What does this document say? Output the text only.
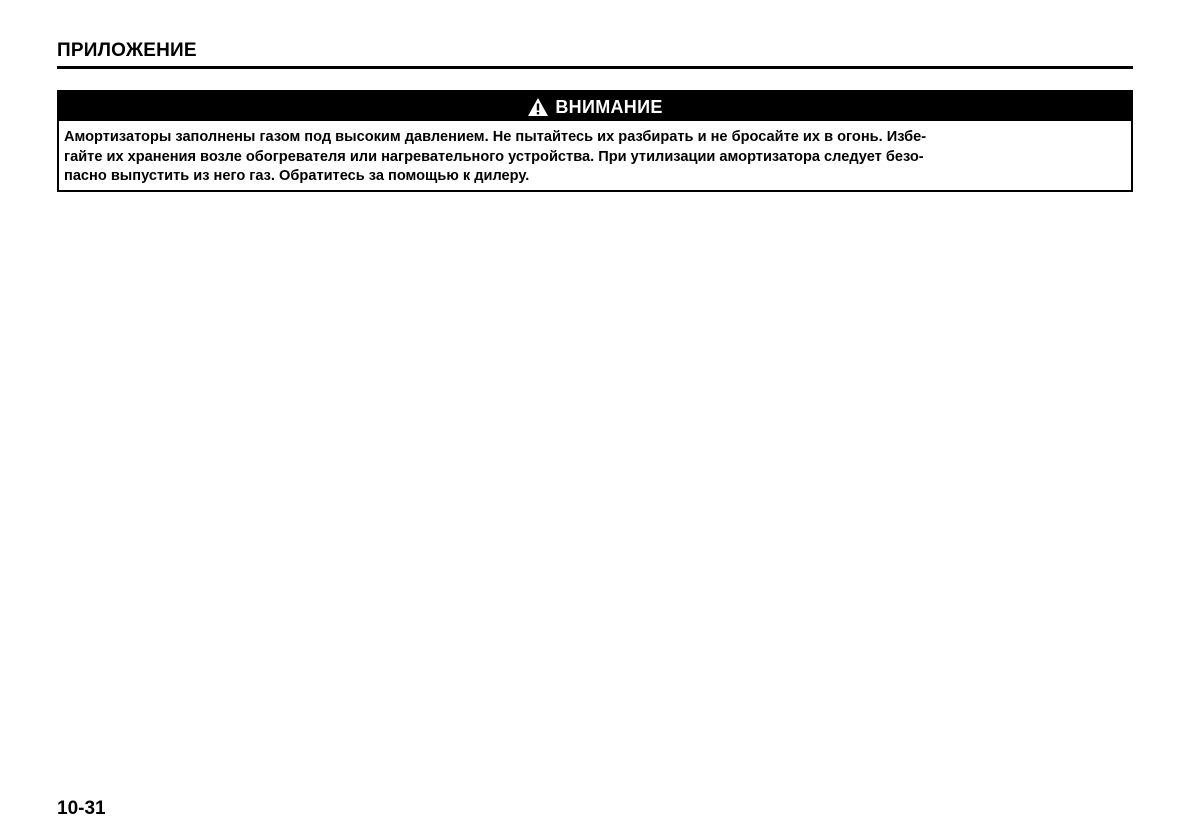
ПРИЛОЖЕНИЕ
ВНИМАНИЕ
Амортизаторы заполнены газом под высоким давлением. Не пытайтесь их разбирать и не бросайте их в огонь. Избе-
гайте их хранения возле обогревателя или нагревательного устройства. При утилизации амортизатора следует безо-
пасно выпустить из него газ. Обратитесь за помощью к дилеру.
10-31
